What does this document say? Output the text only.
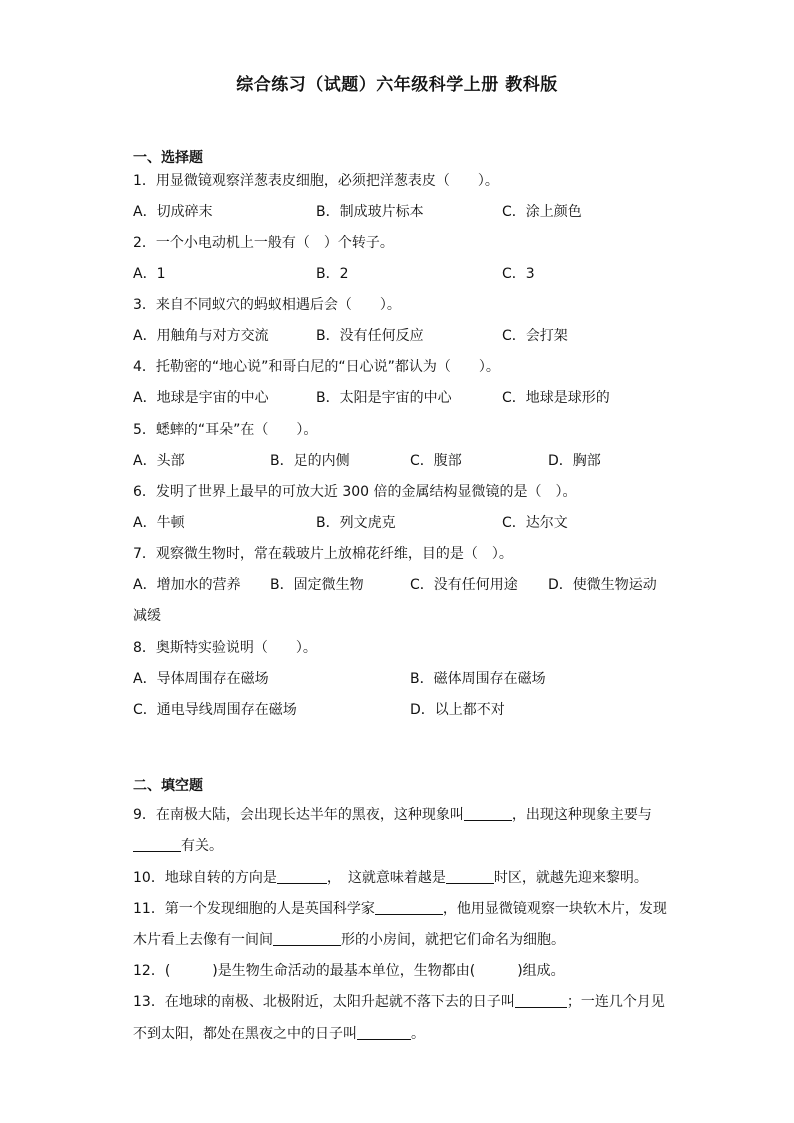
综合练习（试题）六年级科学上册 教科版
一、选择题
1．用显微镜观察洋葱表皮细胞，必须把洋葱表皮（　　）。
A．切成碎末	B．制成玻片标本	C．涂上颜色
2．一个小电动机上一般有（　）个转子。
A．1	B．2	C．3
3．来自不同蚁穴的蚂蚁相遇后会（　　）。
A．用触角与对方交流	B．没有任何反应	C．会打架
4．托勒密的“地心说”和哥白尼的“日心说”都认为（　　）。
A．地球是宇宙的中心	B．太阳是宇宙的中心	C．地球是球形的
5．蟋蟀的“耳朵”在（　　）。
A．头部	B．足的内侧	C．腹部	D．胸部
6．发明了世界上最早的可放大近 300 倍的金属结构显微镜的是（　）。
A．牛顿	B．列文虎克	C．达尔文
7．观察微生物时，常在载玻片上放棉花纤维，目的是（　）。
A．增加水的营养 B．固定微生物	C．没有任何用途 D．使微生物运动
减缓
8．奥斯特实验说明（　　）。
A．导体周围存在磁场	B．磁体周围存在磁场
C．通电导线周围存在磁场	D．以上都不对
二、填空题
9．在南极大陆，会出现长达半年的黑夜，这种现象叫	，出现这种现象主要与
有关。
10．地球自转的方向是	，　这就意味着越是	时区，就越先迎来黎明。
11．第一个发现细胞的人是英国科学家	，他用显微镜观察一块软木片，发现
木片看上去像有一间间	形的小房间，就把它们命名为细胞。
12．(　　　)是生物生命活动的最基本单位，生物都由(　　　)组成。
13．在地球的南极、北极附近，太阳升起就不落下去的日子叫	；一连几个月见
不到太阳，都处在黑夜之中的日子叫	。
